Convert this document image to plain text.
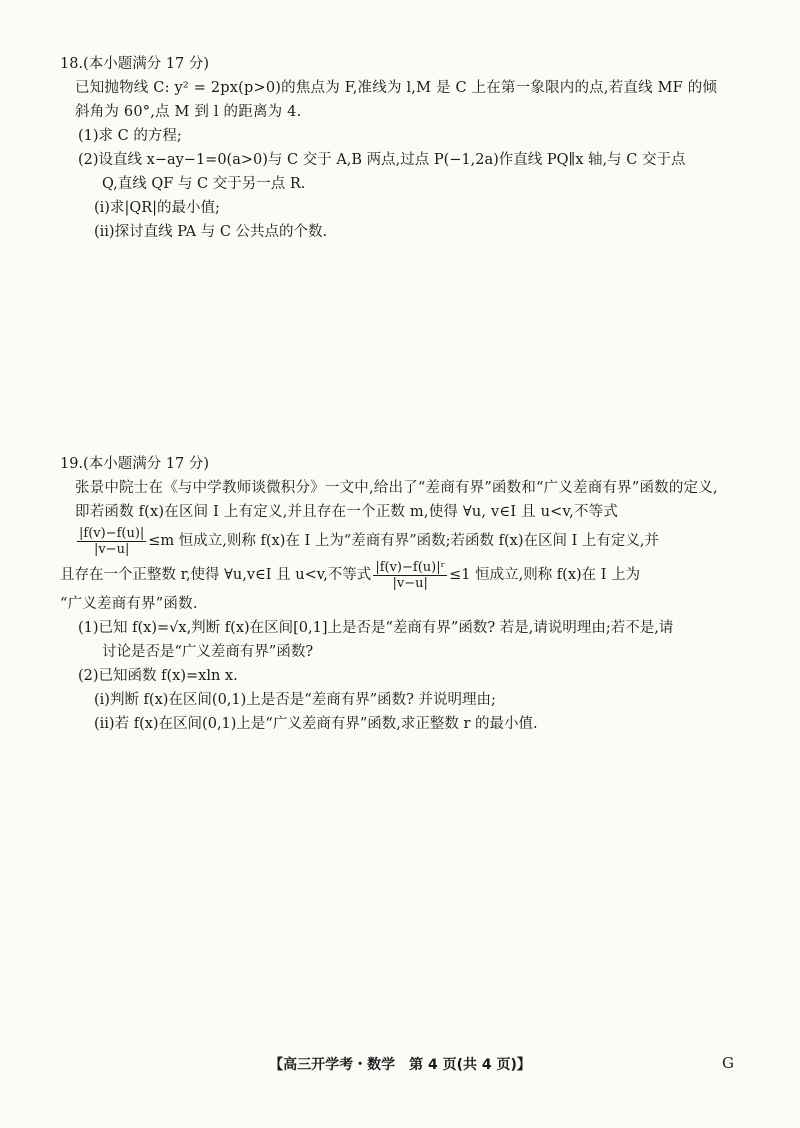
18.(本小题满分 17 分)
已知抛物线 C: y² = 2px(p>0)的焦点为 F,准线为 l,M 是 C 上在第一象限内的点,若直线 MF 的倾
斜角为 60°,点 M 到 l 的距离为 4.
(1)求 C 的方程;
(2)设直线 x−ay−1=0(a>0)与 C 交于 A,B 两点,过点 P(−1,2a)作直线 PQ∥x 轴,与 C 交于点
Q,直线 QF 与 C 交于另一点 R.
(ⅰ)求|QR|的最小值;
(ⅱ)探讨直线 PA 与 C 公共点的个数.
19.(本小题满分 17 分)
张景中院士在《与中学教师谈微积分》一文中,给出了“差商有界”函数和“广义差商有界”函数的定义,
即若函数 f(x)在区间 I 上有定义,并且存在一个正数 m,使得 ∀u, v∈I 且 u<v,不等式
$\frac{|f(v)-f(u)|}{|v-u|} \le m$ 恒成立,则称 f(x)在 I 上为“差商有界”函数;若函数 f(x)在区间 I 上有定义,并
且存在一个正整数 r,使得 ∀u,v∈I 且 u<v,不等式 $\frac{\text{|f(v)−f(u)|ʳ}}{|v-u|} \le 1$ 恒成立,则称 f(x)在 I 上为
“广义差商有界”函数.
(1)已知 f(x)=√x,判断 f(x)在区间[0,1]上是否是“差商有界”函数? 若是,请说明理由;若不是,请
讨论是否是“广义差商有界”函数?
(2)已知函数 f(x)=xln x.
(ⅰ)判断 f(x)在区间(0,1)上是否是“差商有界”函数? 并说明理由;
(ⅱ)若 f(x)在区间(0,1)上是“广义差商有界”函数,求正整数 r 的最小值.
【高三开学考・数学　第 4 页(共 4 页)】	G
